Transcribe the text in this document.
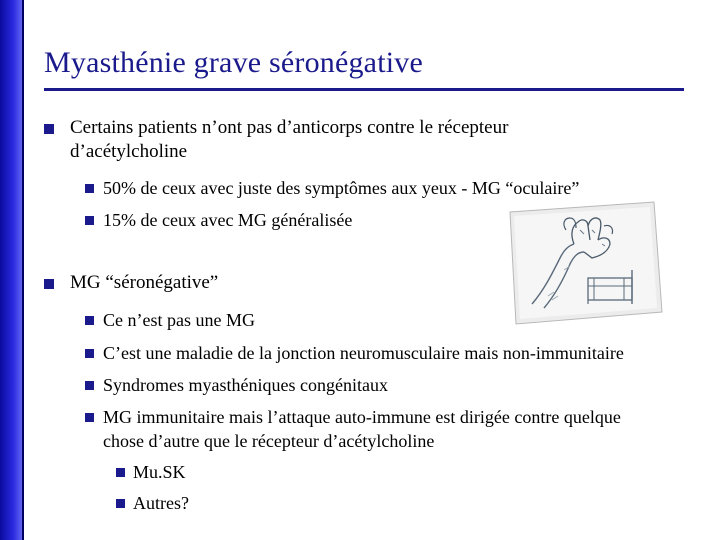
Myasthénie grave séronégative

Certains patients n’ont pas d’anticorps contre le récepteur

d’acétylcholine

50% de ceux avec juste des symptômes aux yeux - MG “oculaire”

15% de ceux avec MG généralisée

MG “séronégative”

Ce n’est pas une MG

C’est une maladie de la jonction neuromusculaire mais non-immunitaire

Syndromes myasthéniques congénitaux

MG immunitaire mais l’attaque auto-immune est dirigée contre quelque

chose d’autre que le récepteur d’acétylcholine

Mu.SK

Autres?
